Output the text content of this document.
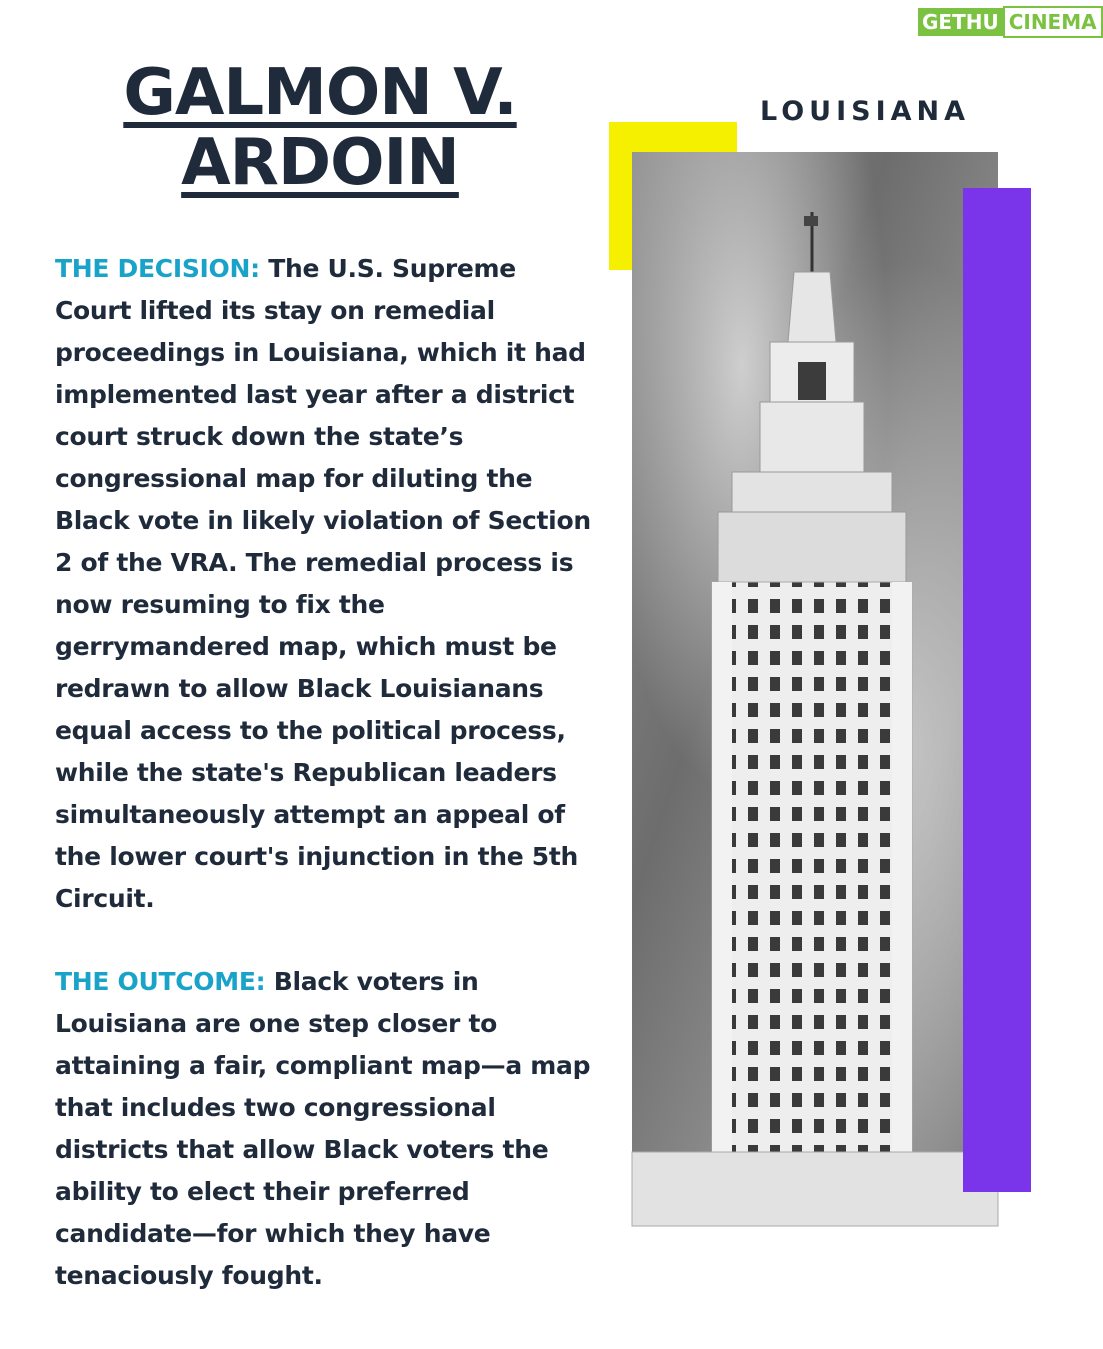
GETHU CINEMA
GALMON V.
ARDOIN
LOUISIANA
THE DECISION: The U.S. Supreme Court lifted its stay on remedial proceedings in Louisiana, which it had implemented last year after a district court struck down the state’s congressional map for diluting the Black vote in likely violation of Section 2 of the VRA. The remedial process is now resuming to fix the gerrymandered map, which must be redrawn to allow Black Louisianans equal access to the political process, while the state's Republican leaders simultaneously attempt an appeal of the lower court's injunction in the 5th Circuit.
THE OUTCOME: Black voters in Louisiana are one step closer to attaining a fair, compliant map—a map that includes two congressional districts that allow Black voters the ability to elect their preferred candidate—for which they have tenaciously fought.
